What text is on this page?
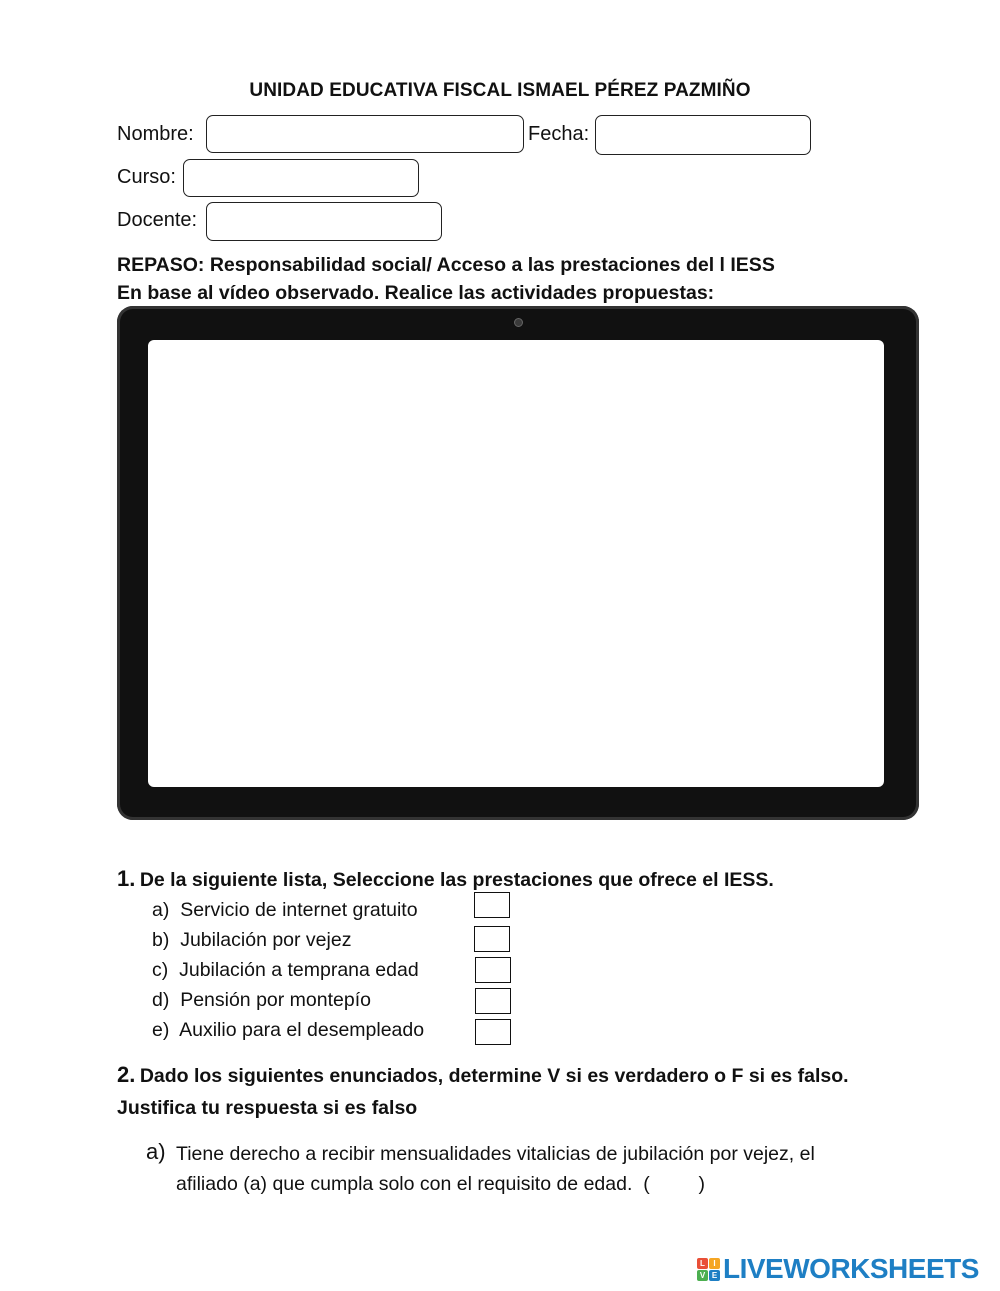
UNIDAD EDUCATIVA FISCAL ISMAEL PÉREZ PAZMIÑO
Nombre:	Fecha:
Curso:
Docente:
REPASO: Responsabilidad social/ Acceso a las prestaciones del l IESS
En base al vídeo observado. Realice las actividades propuestas:
1. De la siguiente lista, Seleccione las prestaciones que ofrece el IESS.
a) Servicio de internet gratuito
b) Jubilación por vejez
c) Jubilación a temprana edad
d) Pensión por montepío
e) Auxilio para el desempleado
2. Dado los siguientes enunciados, determine V si es verdadero o F si es falso.
Justifica tu respuesta si es falso
a) Tiene derecho a recibir mensualidades vitalicias de jubilación por vejez, el
afiliado (a) que cumpla solo con el requisito de edad.  (         )
L	I
V E LIVEWORKSHEETS
